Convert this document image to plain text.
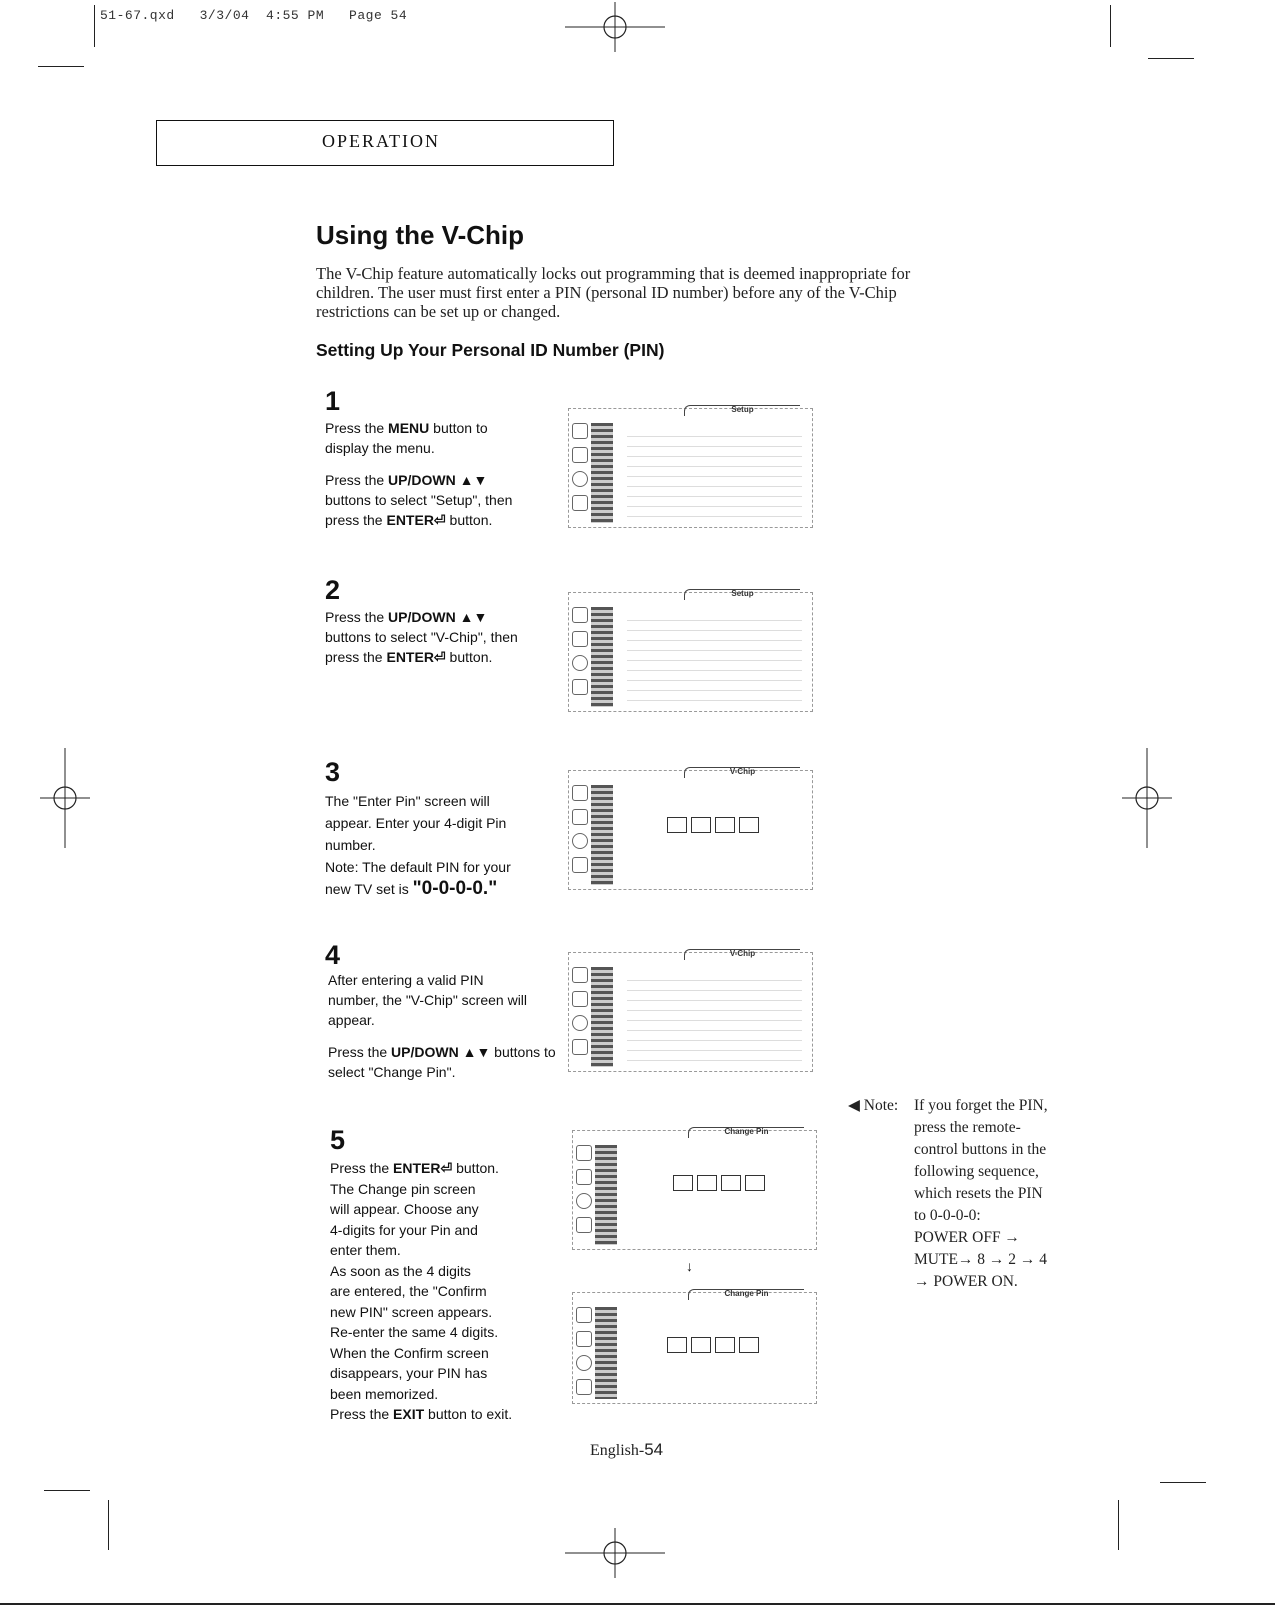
51-67.qxd   3/3/04  4:55 PM   Page 54
OPERATION
Using the V-Chip
The V-Chip feature automatically locks out programming that is deemed inappropriate for
children. The user must first enter a PIN (personal ID number) before any of the V-Chip
restrictions can be set up or changed.
Setting Up Your Personal ID Number (PIN)
1

Press the MENU button to display the menu.

Press the UP/DOWN ▲▼ buttons to select "Setup", then press the ENTER⏎ button.

Setup
2

Press the UP/DOWN ▲▼ buttons to select "V-Chip", then press the ENTER⏎ button.

Setup
3
The "Enter Pin" screen will
appear. Enter your 4-digit Pin
number.
Note: The default PIN for your
new TV set is "0-0-0-0."
V-Chip
4

After entering a valid PIN number, the "V-Chip" screen will appear.

Press the UP/DOWN ▲▼ buttons to select "Change Pin".

V-Chip
5
Press the ENTER⏎ button.
The Change pin screen
will appear. Choose any
4-digits for your Pin and
enter them.
As soon as the 4 digits
are entered, the "Confirm
new PIN" screen appears.
Re-enter the same 4 digits.
When the Confirm screen
disappears, your PIN has
been memorized.
Press the EXIT button to exit.
Change Pin
↓
Change Pin
◀ Note: If you forget the PIN,
press the remote-
control buttons in the
following sequence,
which resets the PIN
to 0-0-0-0:
POWER OFF →
MUTE→ 8 → 2 → 4
→ POWER ON.
English-54
